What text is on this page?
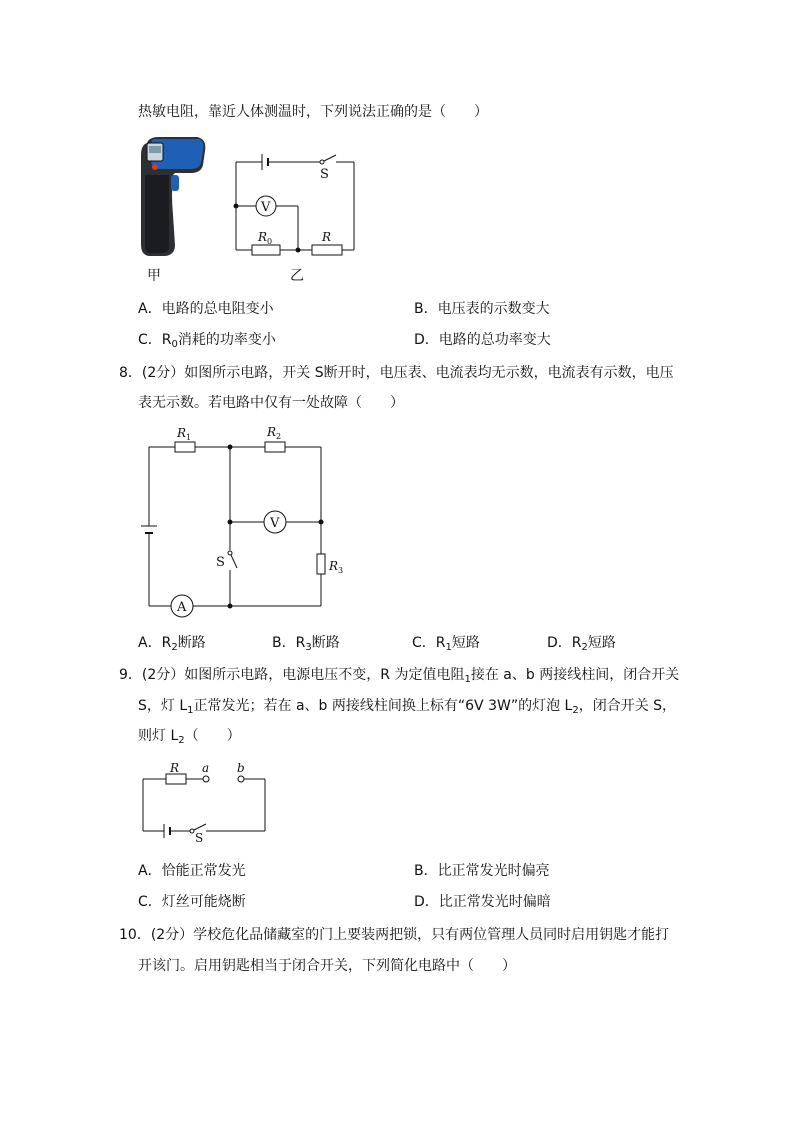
热敏电阻，靠近人体测温时，下列说法正确的是（　　）
甲
V
S
R 0	R
乙
A．电路的总电阻变小	B．电压表的示数变大
C．$R_0$消耗的功率变小	D．电路的总功率变大
8．(2分）如图所示电路，开关 S断开时，电压表、电流表均无示数，电流表有示数，电压
表无示数。若电路中仅有一处故障（　　）
R 1	R 2
R 3
V
A
S
A．$R_2$断路	B．$R_3$断路	C．$R_1$短路	D．$R_2$短路
9．(2分）如图所示电路，电源电压不变，R 为定值电阻$_1$接在 a、b 两接线柱间，闭合开关
S，灯 $L_1$正常发光；若在 a、b 两接线柱间换上标有“6V 3W”的灯泡 $L_2$，闭合开关 S，
则灯 $L_2$（　　）
R a b
S
A．恰能正常发光	B．比正常发光时偏亮
C．灯丝可能烧断	D．比正常发光时偏暗
10．(2分）学校危化品储藏室的门上要装两把锁，只有两位管理人员同时启用钥匙才能打
开该门。启用钥匙相当于闭合开关，下列简化电路中（　　）
